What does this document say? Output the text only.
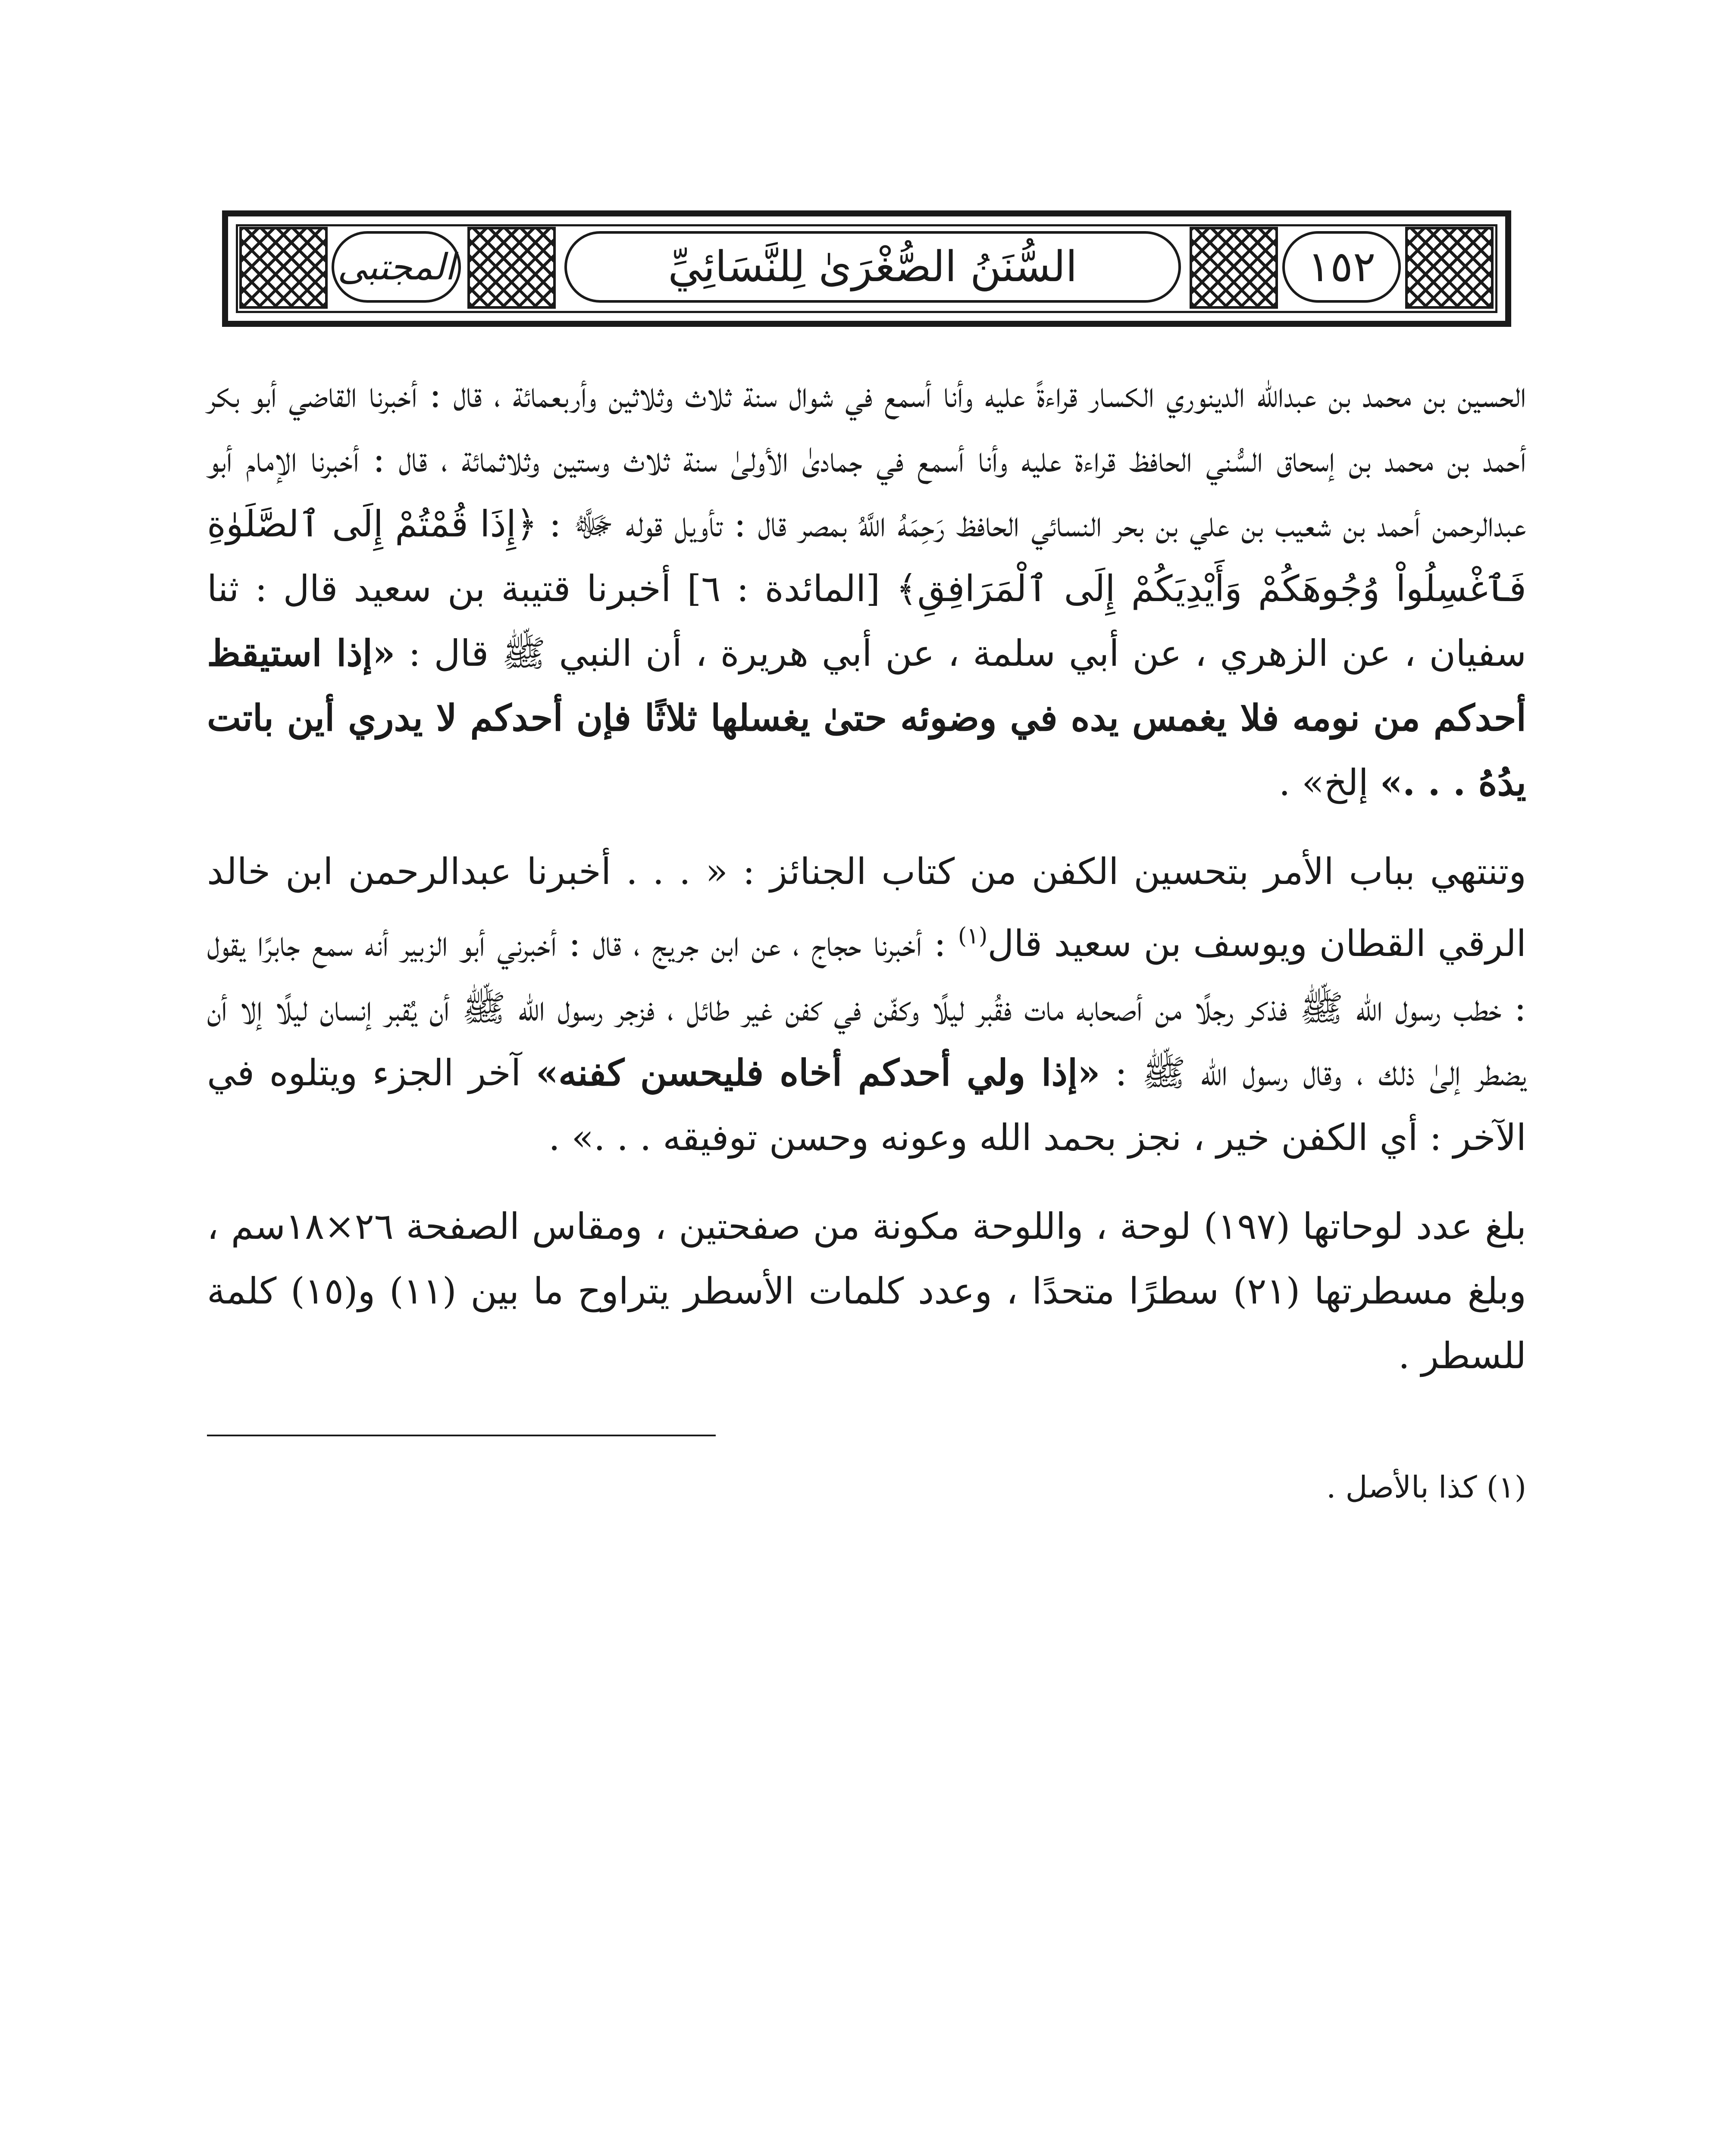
المجتبى	السُّنَنُ الصُّغْرَىٰ لِلنَّسَائِيِّ	١٥٢

الحسين بن محمد بن عبدالله الدينوري الكسار قراءةً عليه وأنا أسمع في شوال سنة ثلاث وثلاثين وأربعمائة ، قال : أخبرنا القاضي أبو بكر أحمد بن محمد بن إسحاق السُّني الحافظ قراءة عليه وأنا أسمع في جمادىٰ الأولىٰ سنة ثلاث وستين وثلاثمائة ، قال : أخبرنا الإمام أبو عبدالرحمن أحمد بن شعيب بن علي بن بحر النسائي الحافظ رَحِمَهُ اللَّهُ بمصر قال : تأويل قوله ﷻ : ﴿إِذَا قُمْتُمْ إِلَى ٱلصَّلَوٰةِ فَٱغْسِلُواْ وُجُوهَكُمْ وَأَيْدِيَكُمْ إِلَى ٱلْمَرَافِقِ﴾ [المائدة : ٦] أخبرنا قتيبة بن سعيد قال : ثنا سفيان ، عن الزهري ، عن أبي سلمة ، عن أبي هريرة ، أن النبي ﷺ قال : «إذا استيقظ أحدكم من نومه فلا يغمس يده في وضوئه حتىٰ يغسلها ثلاثًا فإن أحدكم لا يدري أين باتت يدُهُ . . .» إلخ» .

وتنتهي بباب الأمر بتحسين الكفن من كتاب الجنائز : « . . . أخبرنا عبدالرحمن ابن خالد الرقي القطان ويوسف بن سعيد قال$^{(١)}$ : أخبرنا حجاج ، عن ابن جريج ، قال : أخبرني أبو الزبير أنه سمع جابرًا يقول : خطب رسول الله ﷺ فذكر رجلًا من أصحابه مات فقُبر ليلًا وكفّن في كفن غير طائل ، فزجر رسول الله ﷺ أن يُقبر إنسان ليلًا إلا أن يضطر إلىٰ ذلك ، وقال رسول الله ﷺ : «إذا ولي أحدكم أخاه فليحسن كفنه» آخر الجزء ويتلوه في الآخر : أي الكفن خير ، نجز بحمد الله وعونه وحسن توفيقه . . .» .

بلغ عدد لوحاتها (١٩٧) لوحة ، واللوحة مكونة من صفحتين ، ومقاس الصفحة ٢٦×١٨سم ، وبلغ مسطرتها (٢١) سطرًا متحدًا ، وعدد كلمات الأسطر يتراوح ما بين (١١) و(١٥) كلمة للسطر .

(١) كذا بالأصل .
